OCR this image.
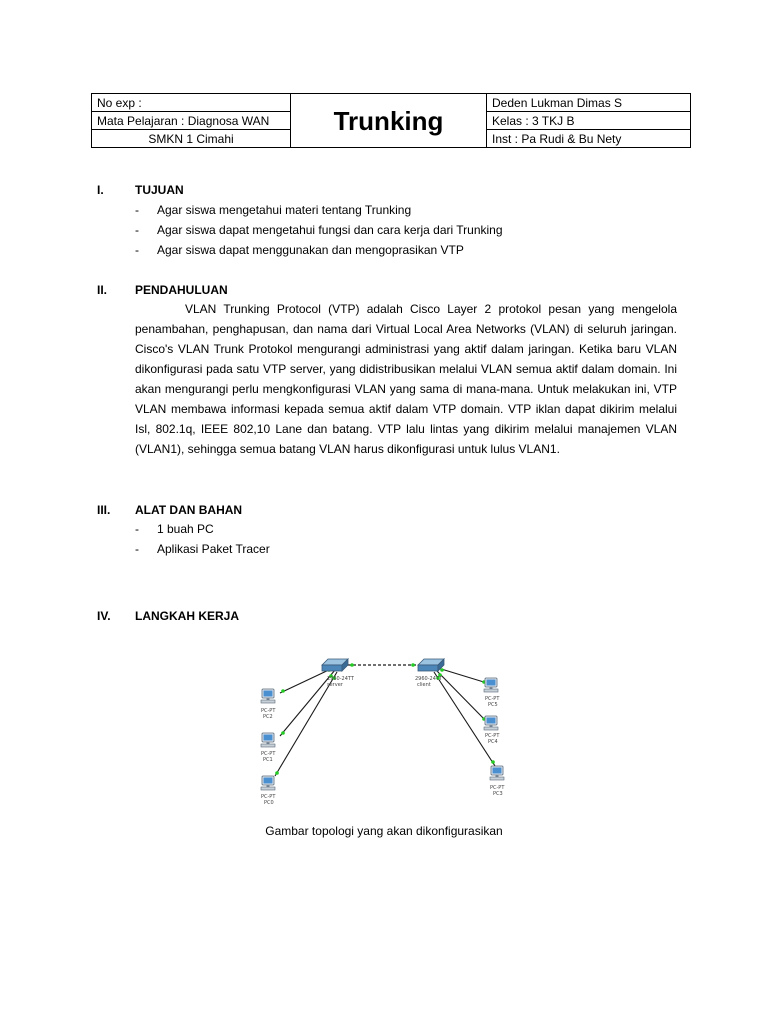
No exp :	Trunking	Deden Lukman Dimas S
Mata Pelajaran : Diagnosa WAN		Kelas : 3 TKJ B
SMKN 1 Cimahi		Inst : Pa Rudi & Bu Nety
I.	TUJUAN
- Agar siswa mengetahui materi tentang Trunking
- Agar siswa dapat mengetahui fungsi dan cara kerja dari Trunking
- Agar siswa dapat menggunakan dan mengoprasikan VTP
II. PENDAHULUAN

VLAN Trunking Protocol (VTP) adalah Cisco Layer 2 protokol pesan yang mengelola penambahan, penghapusan, dan nama dari Virtual Local Area Networks (VLAN) di seluruh jaringan. Cisco's VLAN Trunk Protokol mengurangi administrasi yang aktif dalam jaringan. Ketika baru VLAN dikonfigurasi pada satu VTP server, yang didistribusikan melalui VLAN semua aktif dalam domain. Ini akan mengurangi perlu mengkonfigurasi VLAN yang sama di mana-mana. Untuk melakukan ini, VTP VLAN membawa informasi kepada semua aktif dalam VTP domain. VTP iklan dapat dikirim melalui Isl, 802.1q, IEEE 802,10 Lane dan batang. VTP lalu lintas yang dikirim melalui manajemen VLAN (VLAN1), sehingga semua batang VLAN harus dikonfigurasi untuk lulus VLAN1.

III. ALAT DAN BAHAN
- 1 buah PC
- Aplikasi Paket Tracer
IV. LANGKAH KERJA
2960-24TT
server
2960-24TT
client
PC-PT
PC2
PC-PT
PC1
PC-PT
PC0
PC-PT
PC5
PC-PT
PC4
PC-PT
PC3
Gambar topologi yang akan dikonfigurasikan
